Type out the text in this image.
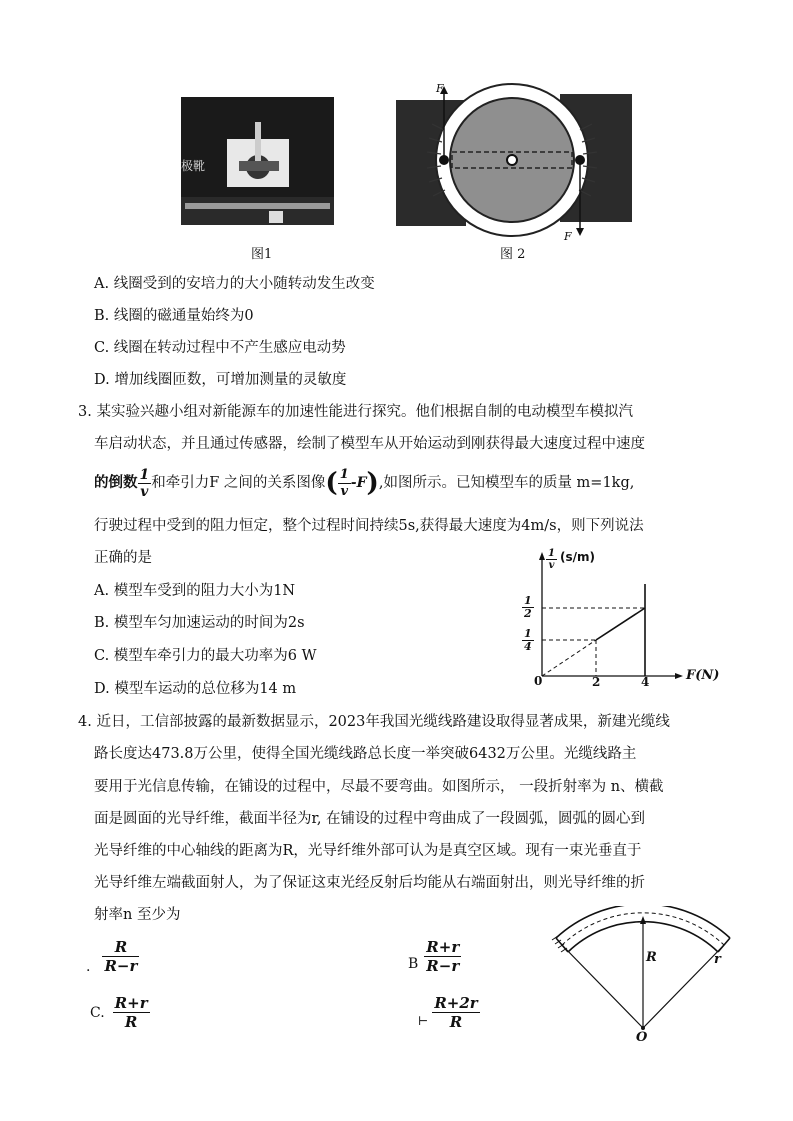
极靴
图1
F
F
图 2
A. 线圈受到的安培力的大小随转动发生改变
B. 线圈的磁通量始终为0
C. 线圈在转动过程中不产生感应电动势
D. 增加线圈匝数，可增加测量的灵敏度
3. 某实验兴趣小组对新能源车的加速性能进行探究。他们根据自制的电动模型车模拟汽
车启动状态，并且通过传感器，绘制了模型车从开始运动到刚获得最大速度过程中速度
的倒数 $\frac{1}{v}$ 和牵引力F 之间的关系图像 ( $\frac{1}{v} -F$ ) ,如图所示。已知模型车的质量 m=1kg,
行驶过程中受到的阻力恒定，整个过程时间持续5s,获得最大速度为4m/s，则下列说法
正确的是
A. 模型车受到的阻力大小为1N
B. 模型车匀加速运动的时间为2s
C. 模型车牵引力的最大功率为6 W
D. 模型车运动的总位移为14 m
$\frac{1}{v} (s/m)$
$\frac{1}{2}$
$\frac{1}{4}$
0	2	4	F(N)
4. 近日，工信部披露的最新数据显示，2023年我国光缆线路建设取得显著成果，新建光缆线
路长度达473.8万公里，使得全国光缆线路总长度一举突破6432万公里。光缆线路主
要用于光信息传输，在铺设的过程中，尽最不要弯曲。如图所示， 一段折射率为 n、横截
面是圆面的光导纤维，截面半径为r, 在铺设的过程中弯曲成了一段圆弧，圆弧的圆心到
光导纤维的中心轴线的距离为R，光导纤维外部可认为是真空区域。现有一束光垂直于
光导纤维左端截面射人，为了保证这束光经反射后均能从右端面射出，则光导纤维的折
射率n 至少为
. $\frac{R}{R-r}$	B $\frac{R+r}{R-r}$
C. $\frac{R+r}{R}$	⊢ $\frac{R+2r}{R}$
R	r
O
